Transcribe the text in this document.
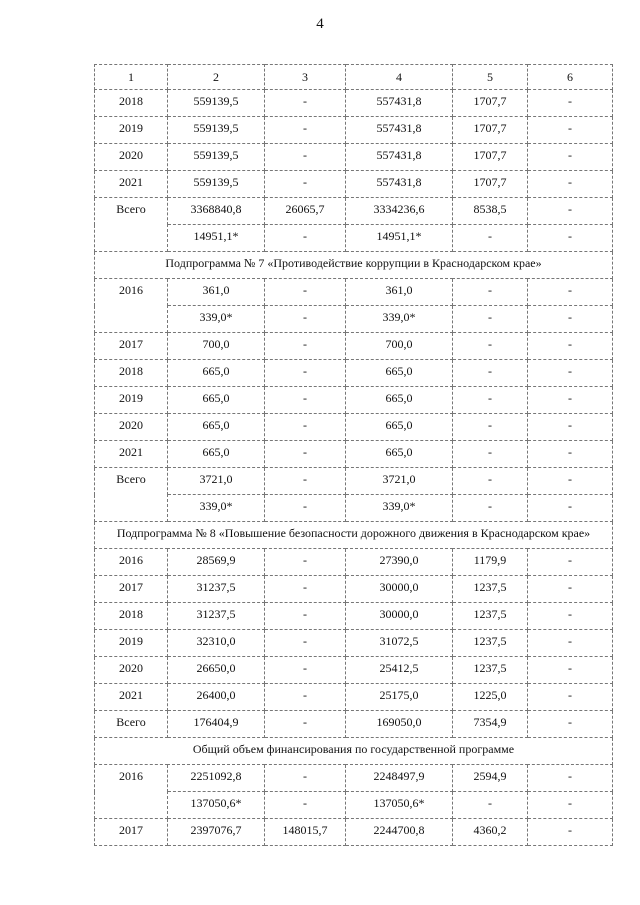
4
1	2	3	4	5	6
2018	559139,5	-	557431,8	1707,7	-
2019	559139,5	-	557431,8	1707,7	-
2020	559139,5	-	557431,8	1707,7	-
2021	559139,5	-	557431,8	1707,7	-
Всего	3368840,8	26065,7	3334236,6	8538,5	-
	14951,1*	-	14951,1*	-	-
Подпрограмма № 7 «Противодействие коррупции в Краснодарском крае»					
2016	361,0	-	361,0	-	-
	339,0*	-	339,0*	-	-
2017	700,0	-	700,0	-	-
2018	665,0	-	665,0	-	-
2019	665,0	-	665,0	-	-
2020	665,0	-	665,0	-	-
2021	665,0	-	665,0	-	-
Всего	3721,0	-	3721,0	-	-
	339,0*	-	339,0*	-	-
Подпрограмма № 8 «Повышение безопасности дорожного движения в Краснодарском крае»					
2016	28569,9	-	27390,0	1179,9	-
2017	31237,5	-	30000,0	1237,5	-
2018	31237,5	-	30000,0	1237,5	-
2019	32310,0	-	31072,5	1237,5	-
2020	26650,0	-	25412,5	1237,5	-
2021	26400,0	-	25175,0	1225,0	-
Всего	176404,9	-	169050,0	7354,9	-
Общий объем финансирования по государственной программе					
2016	2251092,8	-	2248497,9	2594,9	-
	137050,6*	-	137050,6*	-	-
2017	2397076,7	148015,7	2244700,8	4360,2	-
